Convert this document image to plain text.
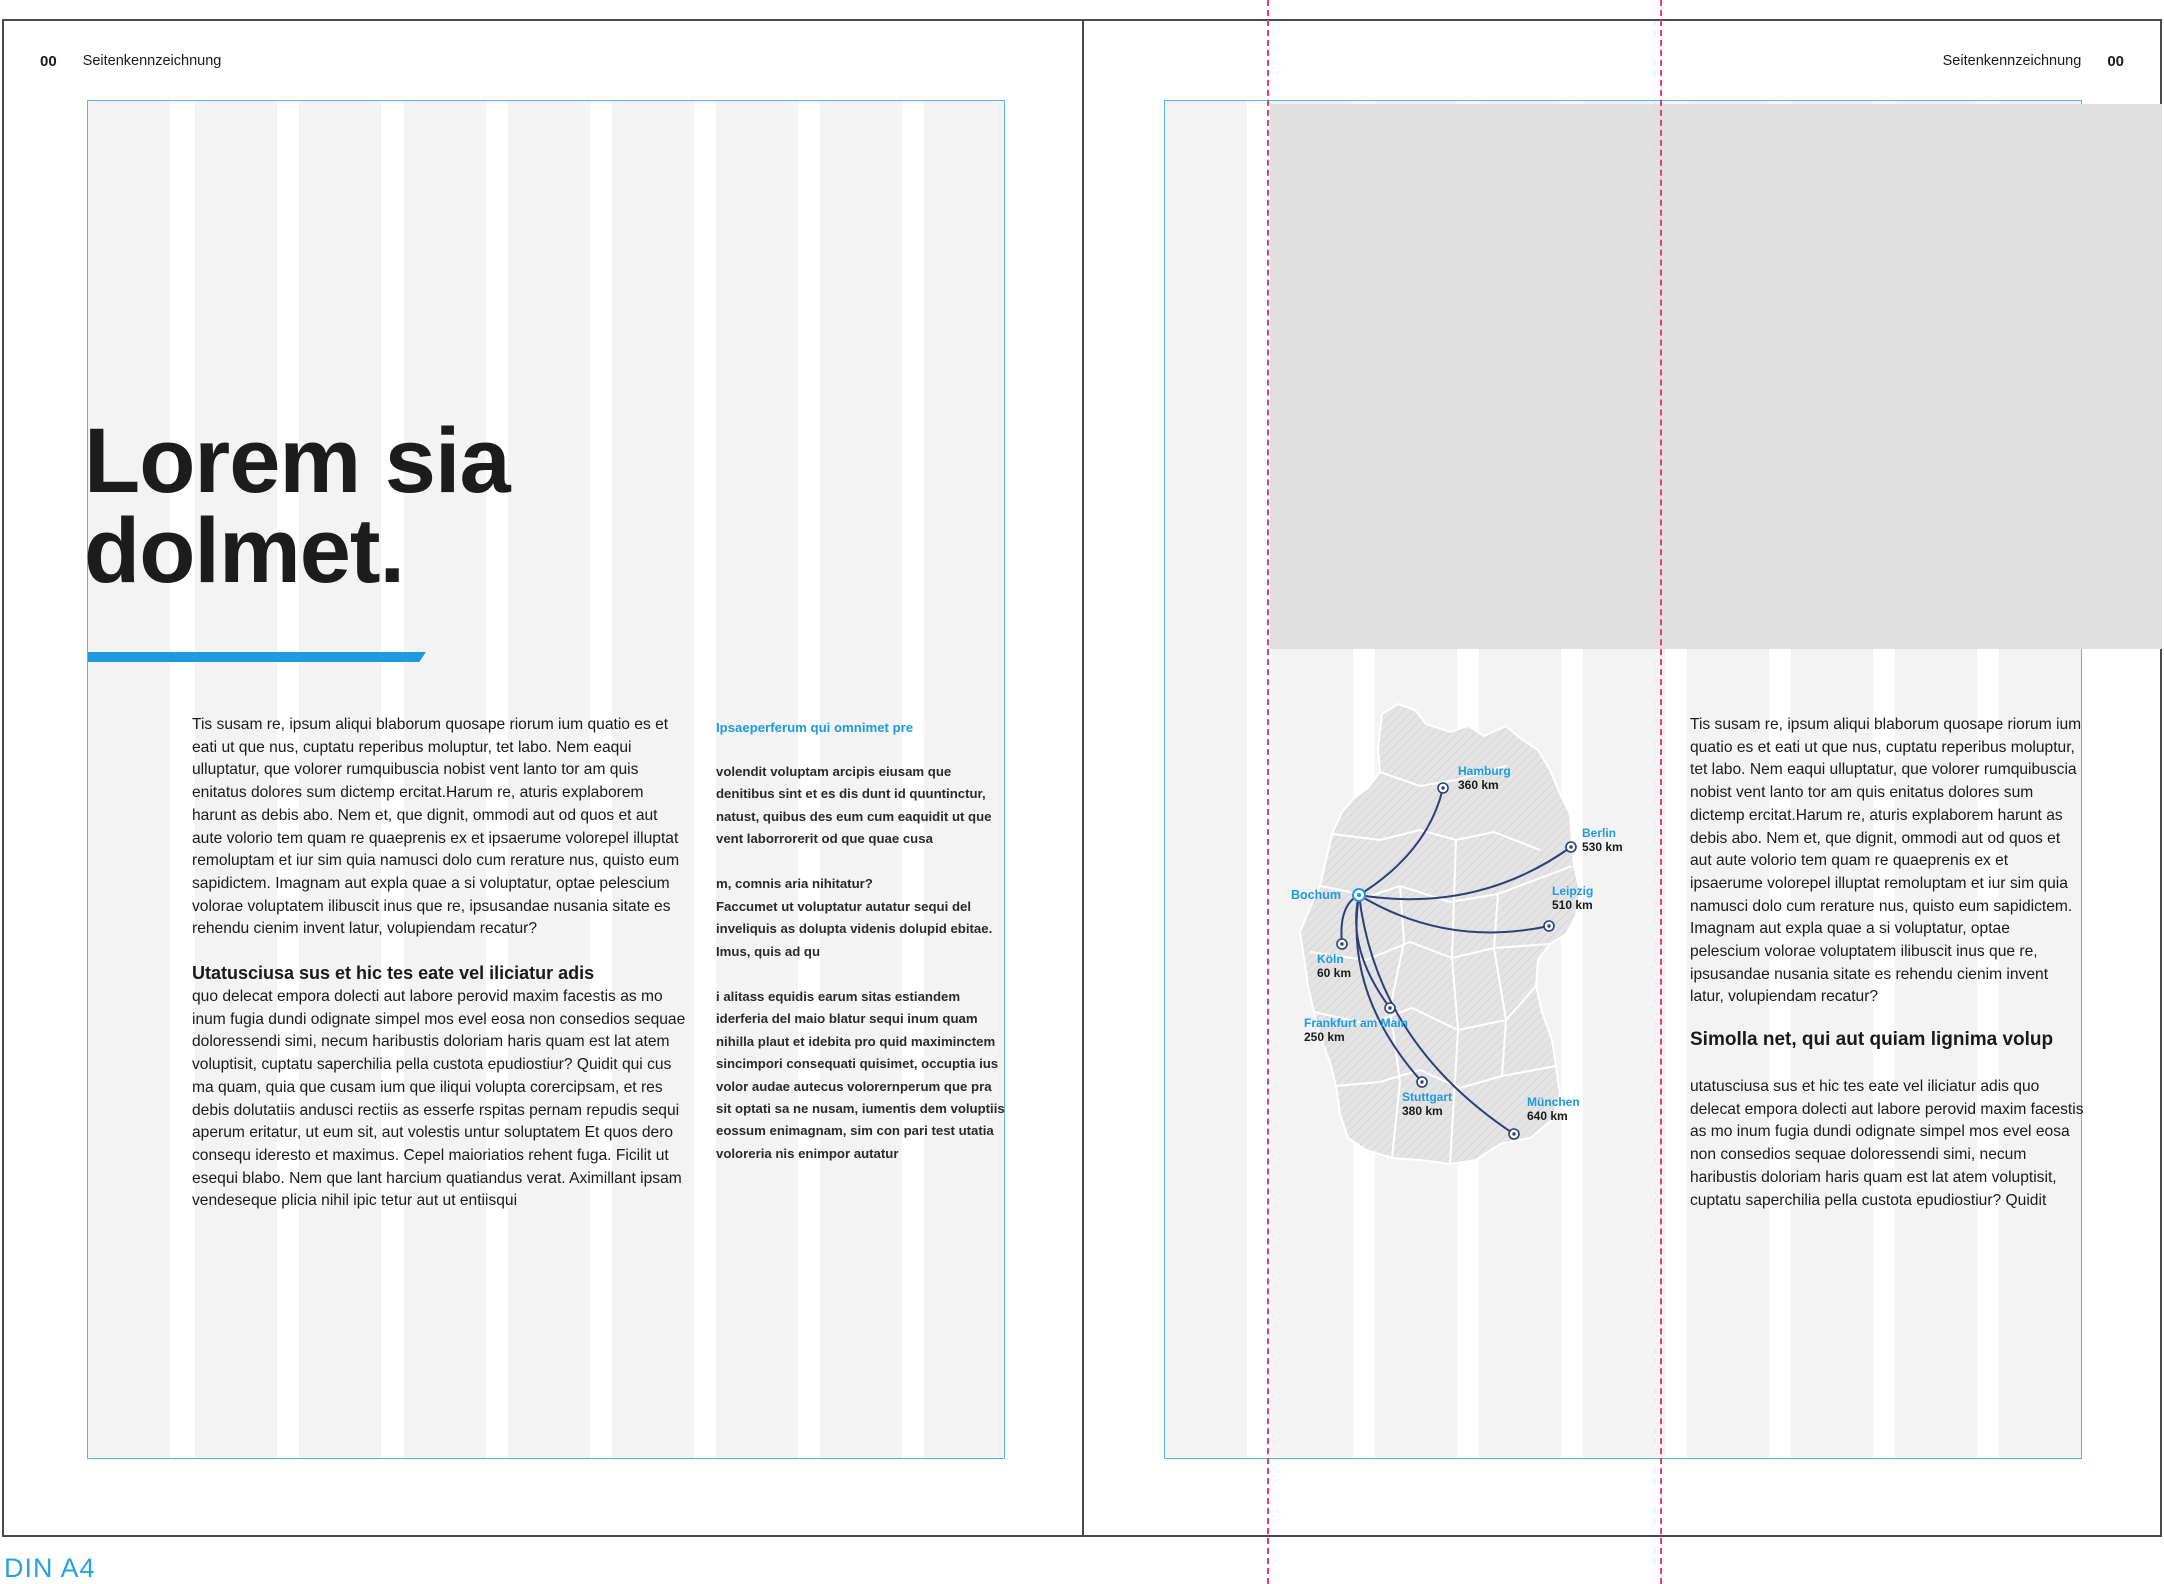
00 Seitenkennzeichnung
Lorem sia
dolmet.

Tis susam re, ipsum aliqui blaborum quosape riorum ium quatio es et eati ut que nus, cuptatu reperibus moluptur, tet labo. Nem eaqui ulluptatur, que volorer rumquibuscia nobist vent lanto tor am quis enitatus dolores sum dictemp ercitat.Harum re, aturis explaborem harunt as debis abo. Nem et, que dignit, ommodi aut od quos et aut aute volorio tem quam re quaeprenis ex et ipsaerume volorepel illuptat remoluptam et iur sim quia namusci dolo cum rerature nus, quisto eum sapidictem. Imagnam aut expla quae a si voluptatur, optae pelescium volorae voluptatem ilibuscit inus que re, ipsusandae nusania sitate es rehendu cienim invent latur, volupiendam recatur?

Utatusciusa sus et hic tes eate vel iliciatur adis

quo delecat empora dolecti aut labore perovid maxim facestis as mo inum fugia dundi odignate simpel mos evel eosa non consedios sequae doloressendi simi, necum haribustis doloriam haris quam est lat atem voluptisit, cuptatu saperchilia pella custota epudiostiur? Quidit qui cus ma quam, quia que cusam ium que iliqui volupta corercipsam, et res debis dolutatiis andusci rectiis as esserfe rspitas pernam repudis sequi aperum eritatur, ut eum sit, aut volestis untur soluptatem Et quos dero consequ ideresto et maximus. Cepel maioriatios rehent fuga. Ficilit ut esequi blabo. Nem que lant harcium quatiandus verat. Aximillant ipsam vendeseque plicia nihil ipic tetur aut ut entiisqui

Ipsaeperferum qui omnimet pre

volendit voluptam arcipis eiusam que denitibus sint et es dis dunt id quuntinctur, natust, quibus des eum cum eaquidit ut que vent laborrorerit od que quae cusa

m, comnis aria nihitatur?

Faccumet ut voluptatur autatur sequi del inveliquis as dolupta videnis dolupid ebitae. Imus, quis ad qu

i alitass equidis earum sitas estiandem iderferia del maio blatur sequi inum quam nihilla plaut et idebita pro quid maximinctem sincimpori consequati quisimet, occuptia ius volor audae autecus volorernperum que pra sit optati sa ne nusam, iumentis dem voluptiis eossum enimagnam, sim con pari test utatia voloreria nis enimpor autatur

Seitenkennzeichnung 00

Tis susam re, ipsum aliqui blaborum quosape riorum ium quatio es et eati ut que nus, cuptatu reperibus moluptur, tet labo. Nem eaqui ulluptatur, que volorer rumquibuscia nobist vent lanto tor am quis enitatus dolores sum dictemp ercitat.Harum re, aturis explaborem harunt as debis abo. Nem et, que dignit, ommodi aut od quos et aut aute volorio tem quam re quaeprenis ex et ipsaerume volorepel illuptat remoluptam et iur sim quia namusci dolo cum rerature nus, quisto eum sapidictem. Imagnam aut expla quae a si voluptatur, optae pelescium volorae voluptatem ilibuscit inus que re, ipsusandae nusania sitate es rehendu cienim invent latur, volupiendam recatur?

Simolla net, qui aut quiam lignima volup

utatusciusa sus et hic tes eate vel iliciatur adis quo delecat empora dolecti aut labore perovid maxim facestis as mo inum fugia dundi odignate simpel mos evel eosa non consedios sequae doloressendi simi, necum haribustis doloriam haris quam est lat atem voluptisit, cuptatu saperchilia pella custota epudiostiur? Quidit

Hamburg
360 km
Berlin
530 km
Leipzig
510 km
Köln
60 km
Frankfurt am Main
250 km
Stuttgart
380 km
München
640 km
Bochum
DIN A4
